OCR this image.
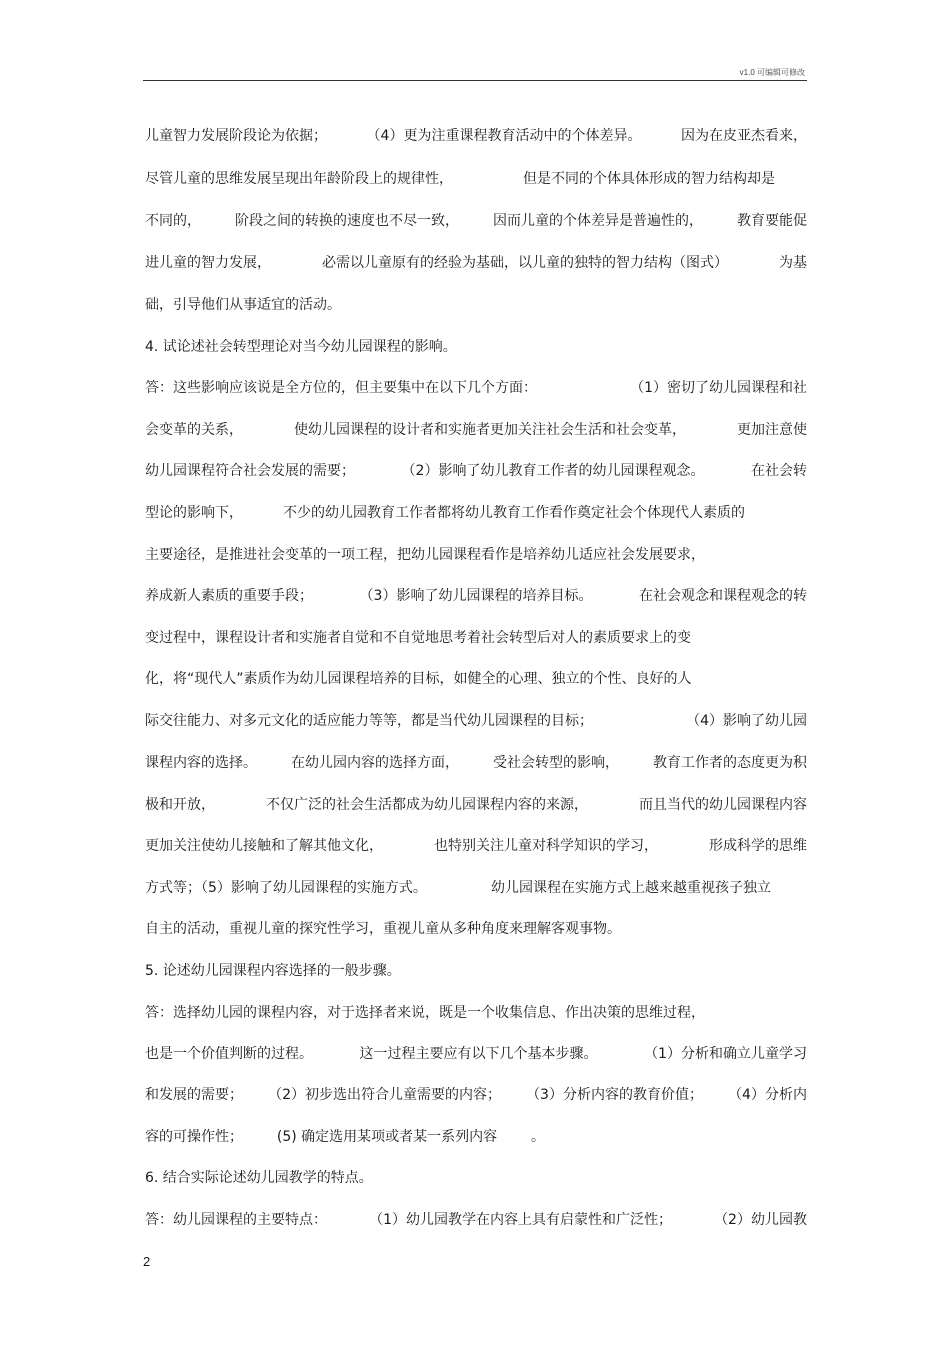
v1.0 可编辑可修改
儿童智力发展阶段论为依据；	（4）更为注重课程教育活动中的个体差异。	因为在皮亚杰看来，
尽管儿童的思维发展呈现出年龄阶段上的规律性，	但是不同的个体具体形成的智力结构却是
不同的， 阶段之间的转换的速度也不尽一致， 因而儿童的个体差异是普遍性的， 教育要能促
进儿童的智力发展，	必需以儿童原有的经验为基础，以儿童的独特的智力结构（图式）	为基
础，引导他们从事适宜的活动。
4. 试论述社会转型理论对当今幼儿园课程的影响。
答：这些影响应该说是全方位的，但主要集中在以下几个方面：	（1）密切了幼儿园课程和社
会变革的关系，	使幼儿园课程的设计者和实施者更加关注社会生活和社会变革，	更加注意使
幼儿园课程符合社会发展的需要；	（2）影响了幼儿教育工作者的幼儿园课程观念。	在社会转
型论的影响下，	不少的幼儿园教育工作者都将幼儿教育工作看作奠定社会个体现代人素质的
主要途径，是推进社会变革的一项工程，把幼儿园课程看作是培养幼儿适应社会发展要求，
养成新人素质的重要手段；	（3）影响了幼儿园课程的培养目标。	在社会观念和课程观念的转
变过程中，课程设计者和实施者自觉和不自觉地思考着社会转型后对人的素质要求上的变
化，将“现代人”素质作为幼儿园课程培养的目标，如健全的心理、独立的个性、良好的人
际交往能力、对多元文化的适应能力等等，都是当代幼儿园课程的目标；	（4）影响了幼儿园
课程内容的选择。 在幼儿园内容的选择方面， 受社会转型的影响， 教育工作者的态度更为积
极和开放，	不仅广泛的社会生活都成为幼儿园课程内容的来源，	而且当代的幼儿园课程内容
更加关注使幼儿接触和了解其他文化，	也特别关注儿童对科学知识的学习，	形成科学的思维
方式等；（5）影响了幼儿园课程的实施方式。	幼儿园课程在实施方式上越来越重视孩子独立
自主的活动，重视儿童的探究性学习，重视儿童从多种角度来理解客观事物。
5. 论述幼儿园课程内容选择的一般步骤。
答：选择幼儿园的课程内容，对于选择者来说，既是一个收集信息、作出决策的思维过程，
也是一个价值判断的过程。	这一过程主要应有以下几个基本步骤。	（1）分析和确立儿童学习
和发展的需要； （2）初步选出符合儿童需要的内容； （3）分析内容的教育价值； （4）分析内
容的可操作性； (5) 确定选用某项或者某一系列内容 。
6. 结合实际论述幼儿园教学的特点。
答：幼儿园课程的主要特点：	（1）幼儿园教学在内容上具有启蒙性和广泛性；	（2）幼儿园教
2
